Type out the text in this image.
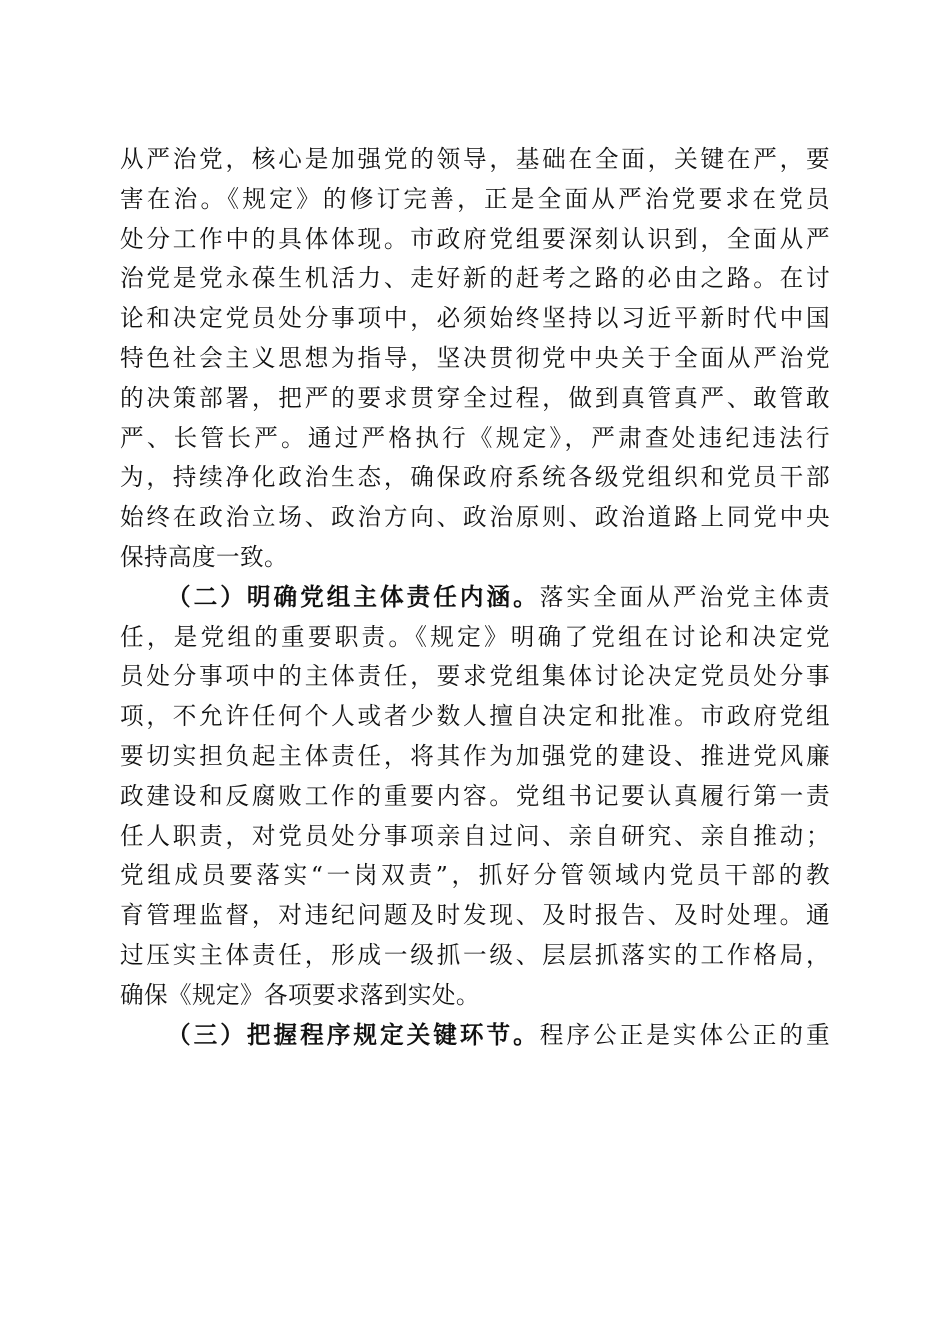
从严治党，核心是加强党的领导，基础在全面，关键在严，要
害在治。《规定》的修订完善，正是全面从严治党要求在党员
处分工作中的具体体现。市政府党组要深刻认识到，全面从严
治党是党永葆生机活力、走好新的赶考之路的必由之路。在讨
论和决定党员处分事项中，必须始终坚持以习近平新时代中国
特色社会主义思想为指导，坚决贯彻党中央关于全面从严治党
的决策部署，把严的要求贯穿全过程，做到真管真严、敢管敢
严、长管长严。通过严格执行《规定》，严肃查处违纪违法行
为，持续净化政治生态，确保政府系统各级党组织和党员干部
始终在政治立场、政治方向、政治原则、政治道路上同党中央
保持高度一致。
（二）明确党组主体责任内涵。落实全面从严治党主体责
任，是党组的重要职责。《规定》明确了党组在讨论和决定党
员处分事项中的主体责任，要求党组集体讨论决定党员处分事
项，不允许任何个人或者少数人擅自决定和批准。市政府党组
要切实担负起主体责任，将其作为加强党的建设、推进党风廉
政建设和反腐败工作的重要内容。党组书记要认真履行第一责
任人职责，对党员处分事项亲自过问、亲自研究、亲自推动；
党组成员要落实“一岗双责”，抓好分管领域内党员干部的教
育管理监督，对违纪问题及时发现、及时报告、及时处理。通
过压实主体责任，形成一级抓一级、层层抓落实的工作格局，
确保《规定》各项要求落到实处。
（三）把握程序规定关键环节。程序公正是实体公正的重
